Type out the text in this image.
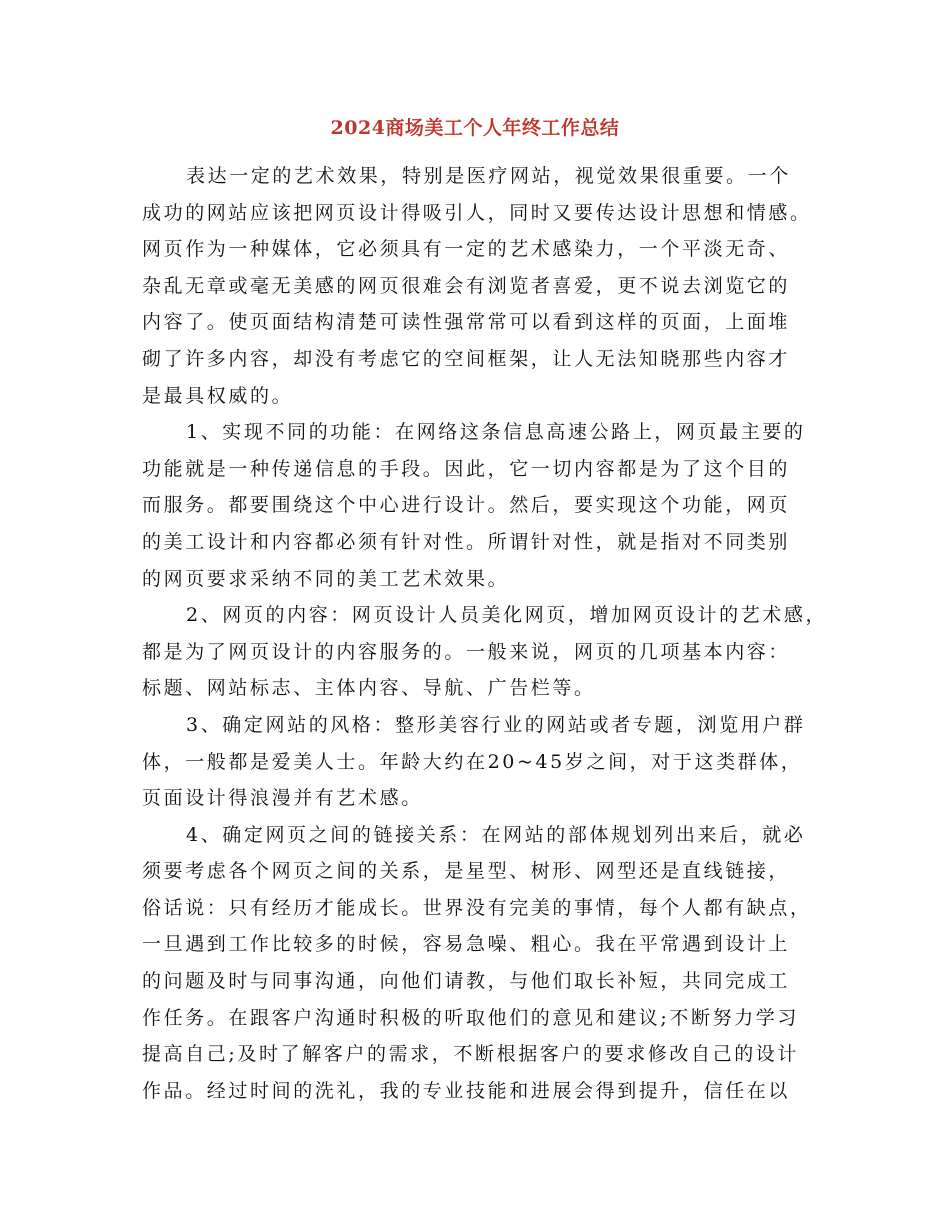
2024商场美工个人年终工作总结
表达一定的艺术效果，特别是医疗网站，视觉效果很重要。一个
成功的网站应该把网页设计得吸引人，同时又要传达设计思想和情感。
网页作为一种媒体，它必须具有一定的艺术感染力，一个平淡无奇、
杂乱无章或毫无美感的网页很难会有浏览者喜爱，更不说去浏览它的
内容了。使页面结构清楚可读性强常常可以看到这样的页面，上面堆
砌了许多内容，却没有考虑它的空间框架，让人无法知晓那些内容才
是最具权威的。
1、实现不同的功能：在网络这条信息高速公路上，网页最主要的
功能就是一种传递信息的手段。因此，它一切内容都是为了这个目的
而服务。都要围绕这个中心进行设计。然后，要实现这个功能，网页
的美工设计和内容都必须有针对性。所谓针对性，就是指对不同类别
的网页要求采纳不同的美工艺术效果。
2、网页的内容：网页设计人员美化网页，增加网页设计的艺术感，
都是为了网页设计的内容服务的。一般来说，网页的几项基本内容：
标题、网站标志、主体内容、导航、广告栏等。
3、确定网站的风格：整形美容行业的网站或者专题，浏览用户群
体，一般都是爱美人士。年龄大约在20~45岁之间，对于这类群体，
页面设计得浪漫并有艺术感。
4、确定网页之间的链接关系：在网站的部体规划列出来后，就必
须要考虑各个网页之间的关系，是星型、树形、网型还是直线链接，
俗话说：只有经历才能成长。世界没有完美的事情，每个人都有缺点，
一旦遇到工作比较多的时候，容易急噪、粗心。我在平常遇到设计上
的问题及时与同事沟通，向他们请教，与他们取长补短，共同完成工
作任务。在跟客户沟通时积极的听取他们的意见和建议;不断努力学习
提高自己;及时了解客户的需求，不断根据客户的要求修改自己的设计
作品。经过时间的洗礼，我的专业技能和进展会得到提升，信任在以
